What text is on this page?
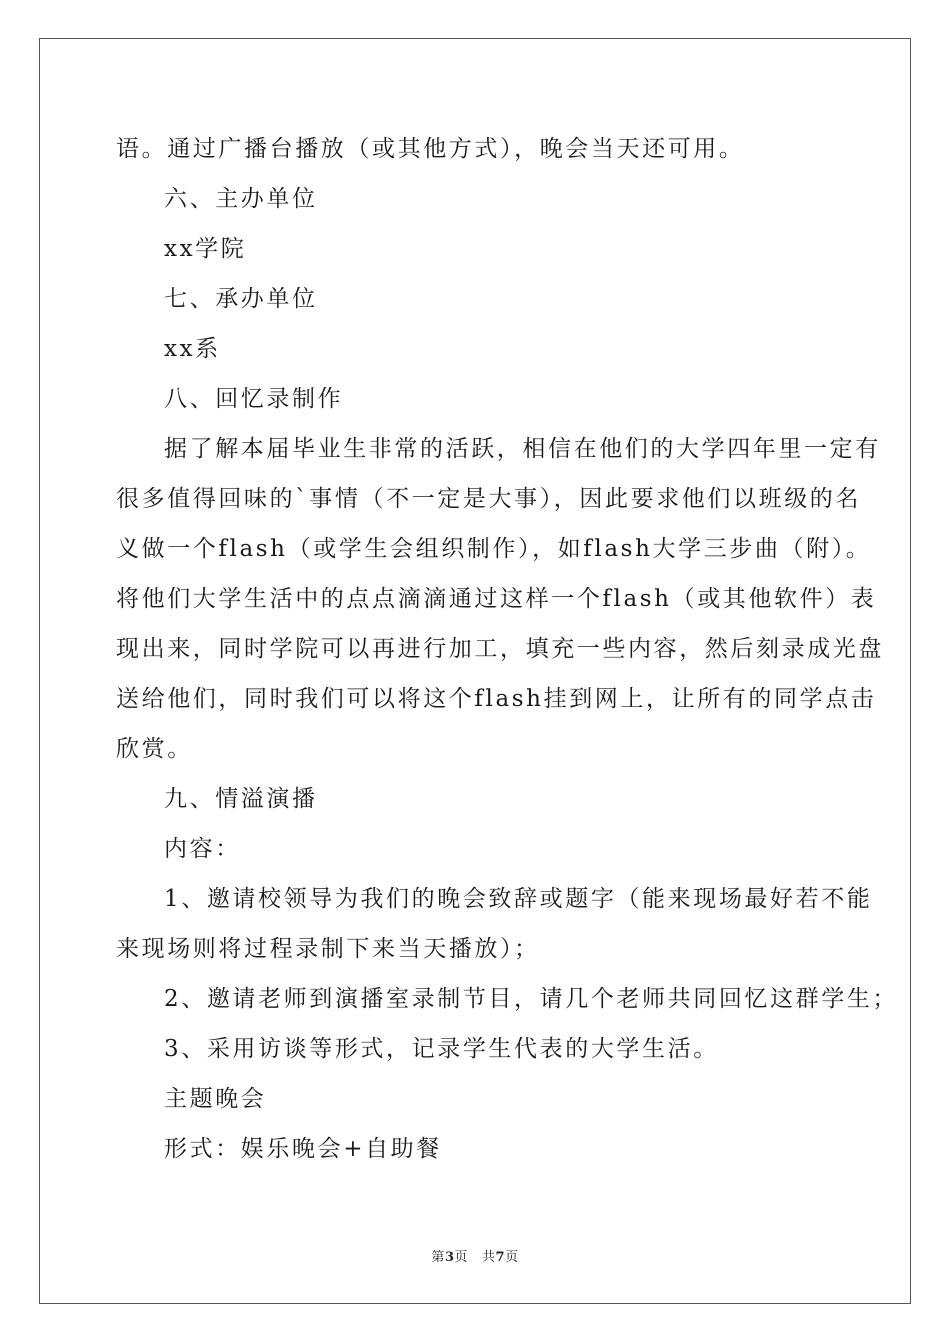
语。通过广播台播放（或其他方式），晚会当天还可用。
六、主办单位
xx学院
七、承办单位
xx系
八、回忆录制作
据了解本届毕业生非常的活跃，相信在他们的大学四年里一定有
很多值得回味的`事情（不一定是大事），因此要求他们以班级的名
义做一个flash（或学生会组织制作），如flash大学三步曲（附）。
将他们大学生活中的点点滴滴通过这样一个flash（或其他软件）表
现出来，同时学院可以再进行加工，填充一些内容，然后刻录成光盘
送给他们，同时我们可以将这个flash挂到网上，让所有的同学点击
欣赏。
九、情溢演播
内容：
1、邀请校领导为我们的晚会致辞或题字（能来现场最好若不能
来现场则将过程录制下来当天播放）；
2、邀请老师到演播室录制节目，请几个老师共同回忆这群学生；
3、采用访谈等形式，记录学生代表的大学生活。
主题晚会
形式：娱乐晚会+自助餐
第3页 共7页
